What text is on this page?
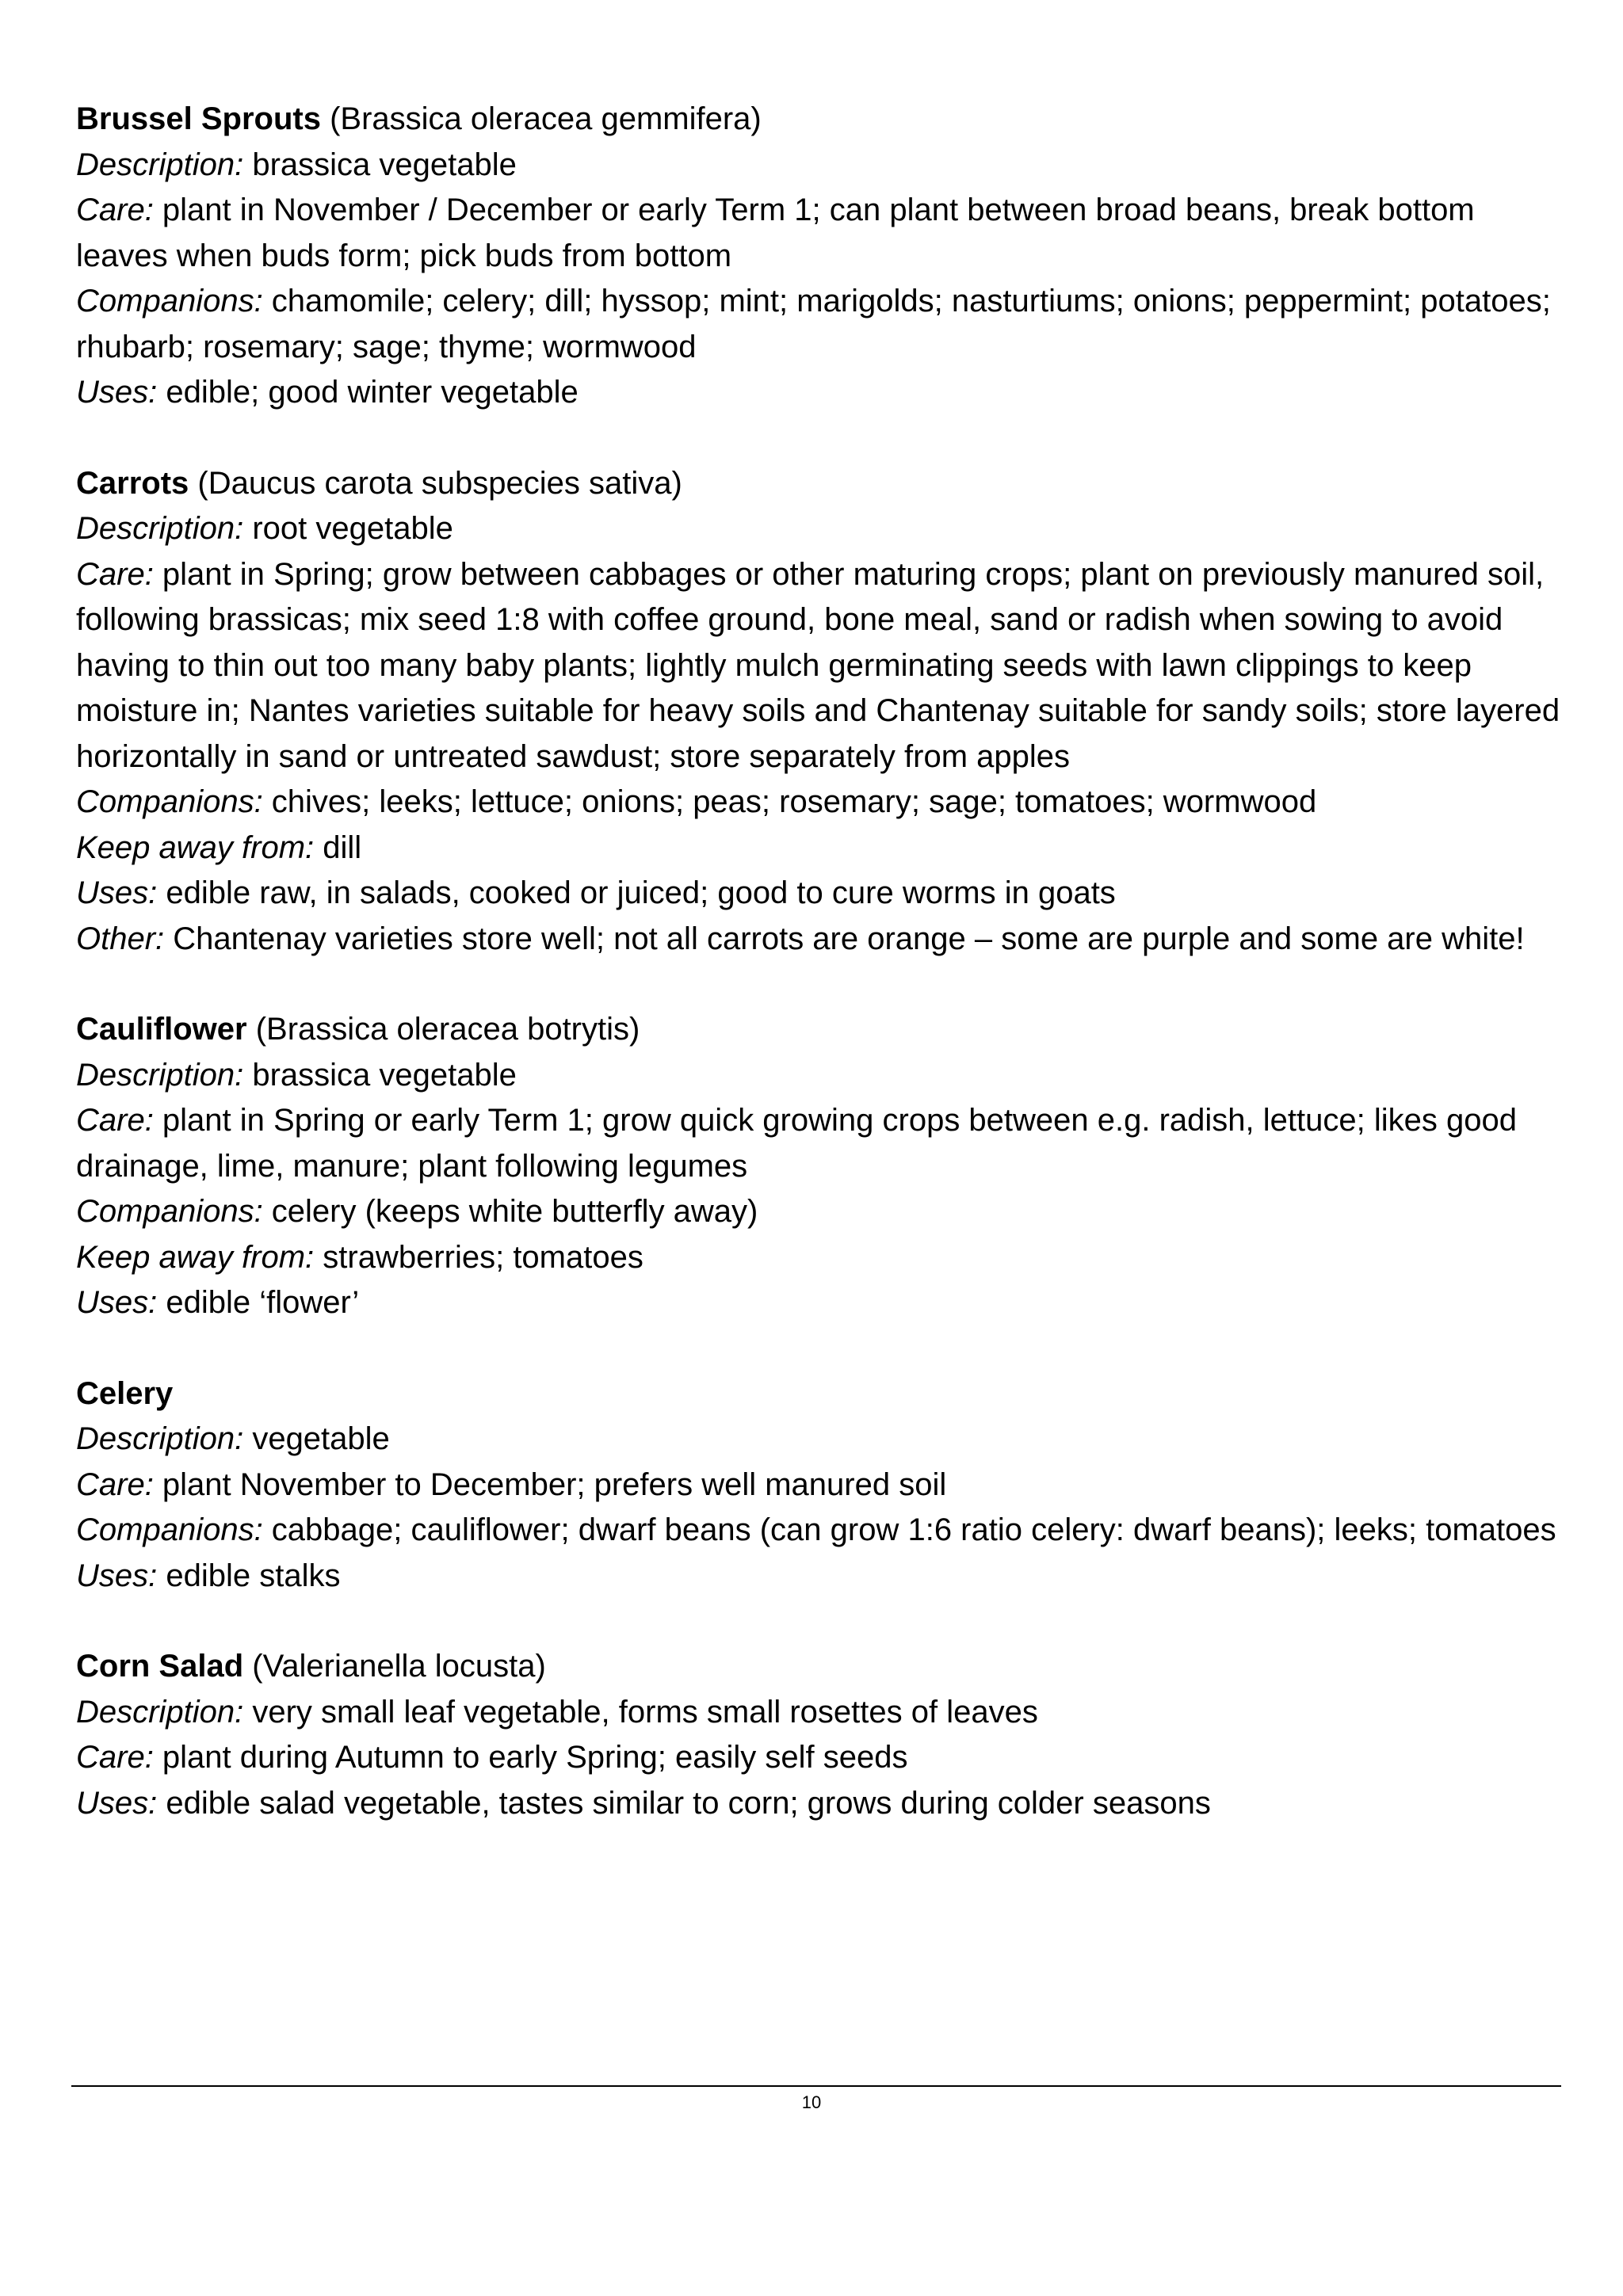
Brussel Sprouts (Brassica oleracea gemmifera)

Description: brassica vegetable

Care: plant in November / December or early Term 1; can plant between broad beans, break bottom leaves when buds form; pick buds from bottom

Companions: chamomile; celery; dill; hyssop; mint; marigolds; nasturtiums; onions; peppermint; potatoes; rhubarb; rosemary; sage; thyme; wormwood

Uses: edible; good winter vegetable

Carrots (Daucus carota subspecies sativa)

Description: root vegetable

Care: plant in Spring; grow between cabbages or other maturing crops; plant on previously manured soil, following brassicas; mix seed 1:8 with coffee ground, bone meal, sand or radish when sowing to avoid having to thin out too many baby plants; lightly mulch germinating seeds with lawn clippings to keep moisture in; Nantes varieties suitable for heavy soils and Chantenay suitable for sandy soils; store layered horizontally in sand or untreated sawdust; store separately from apples

Companions: chives; leeks; lettuce; onions; peas; rosemary; sage; tomatoes; wormwood

Keep away from: dill

Uses: edible raw, in salads, cooked or juiced; good to cure worms in goats

Other: Chantenay varieties store well; not all carrots are orange – some are purple and some are white!

Cauliflower (Brassica oleracea botrytis)

Description: brassica vegetable

Care: plant in Spring or early Term 1; grow quick growing crops between e.g. radish, lettuce; likes good drainage, lime, manure; plant following legumes

Companions: celery (keeps white butterfly away)

Keep away from: strawberries; tomatoes

Uses: edible ‘flower’

Celery

Description: vegetable

Care: plant November to December; prefers well manured soil

Companions: cabbage; cauliflower; dwarf beans (can grow 1:6 ratio celery: dwarf beans); leeks; tomatoes

Uses: edible stalks

Corn Salad (Valerianella locusta)

Description: very small leaf vegetable, forms small rosettes of leaves

Care: plant during Autumn to early Spring; easily self seeds

Uses: edible salad vegetable, tastes similar to corn; grows during colder seasons

10
